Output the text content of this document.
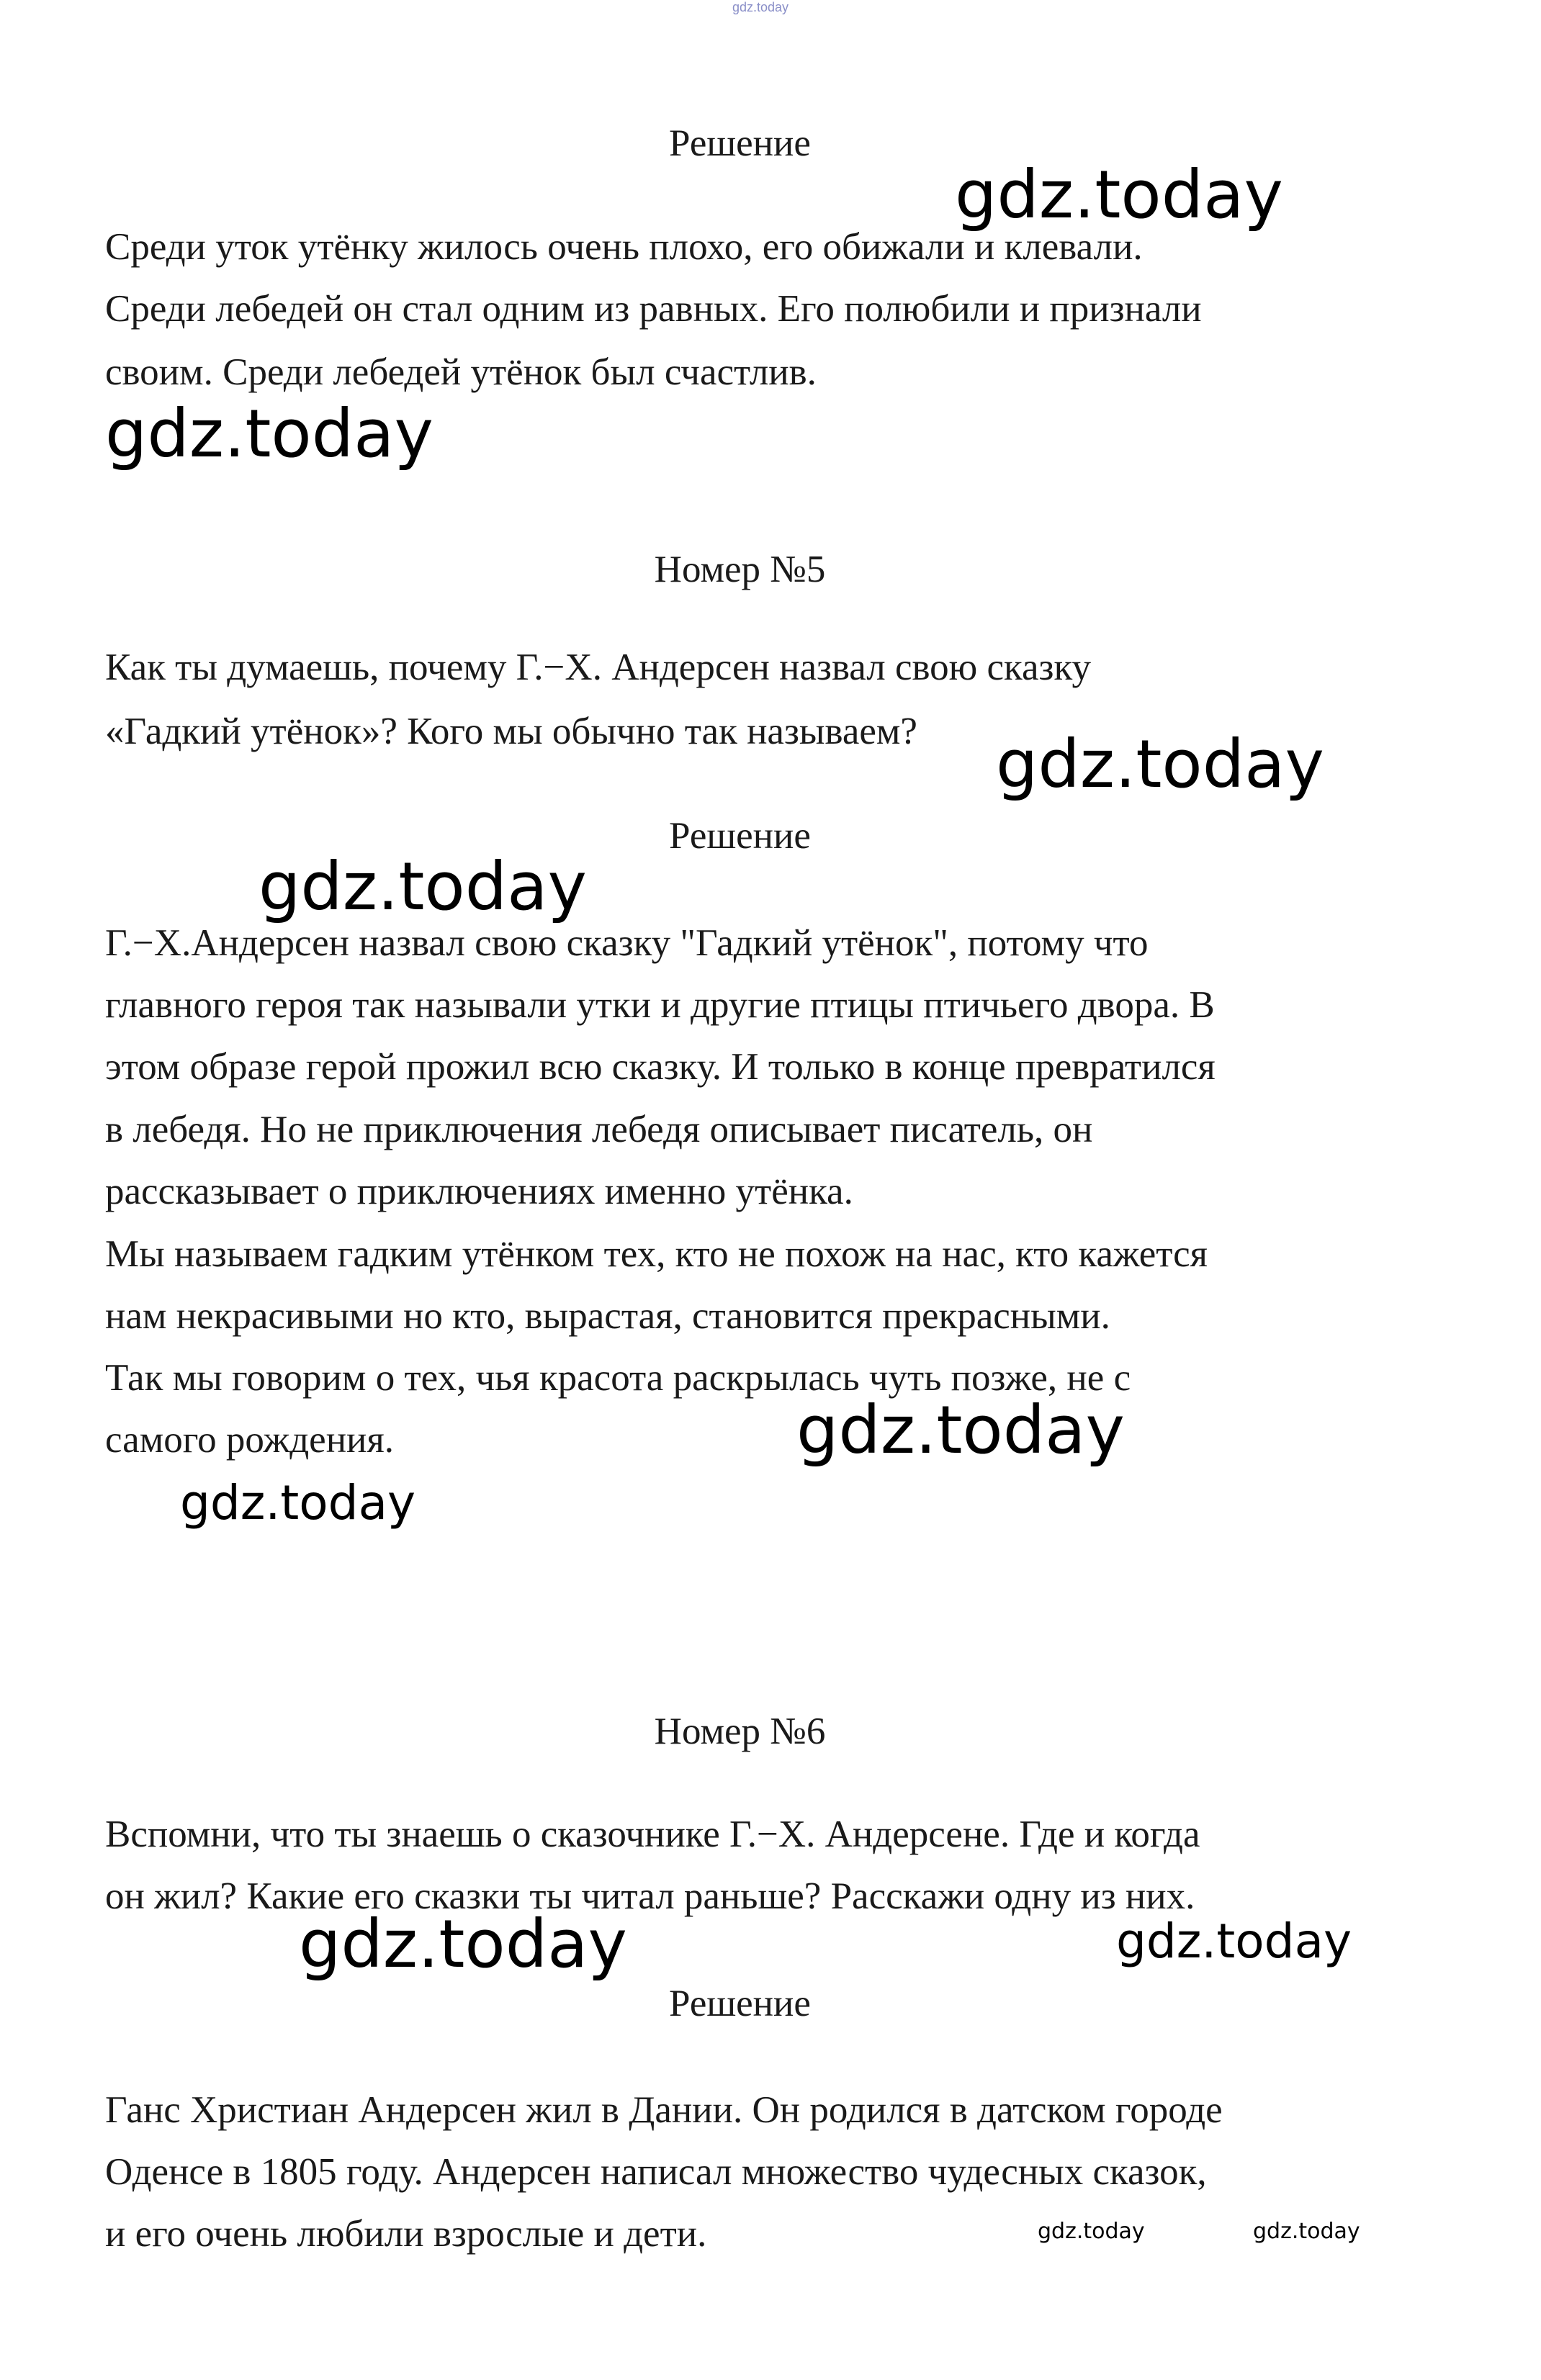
gdz.today
Решение
Среди уток утёнку жилось очень плохо, его обижали и клевали.
Среди лебедей он стал одним из равных. Его полюбили и признали
своим. Среди лебедей утёнок был счастлив.
Номер №5
Как ты думаешь, почему Г.−Х. Андерсен назвал свою сказку
«Гадкий утёнок»? Кого мы обычно так называем?
Решение
Г.−Х.Андерсен назвал свою сказку "Гадкий утёнок", потому что
главного героя так называли утки и другие птицы птичьего двора. В
этом образе герой прожил всю сказку. И только в конце превратился
в лебедя. Но не приключения лебедя описывает писатель, он
рассказывает о приключениях именно утёнка.
Мы называем гадким утёнком тех, кто не похож на нас, кто кажется
нам некрасивыми но кто, вырастая, становится прекрасными.
Так мы говорим о тех, чья красота раскрылась чуть позже, не с
самого рождения.
Номер №6
Вспомни, что ты знаешь о сказочнике Г.−Х. Андерсене. Где и когда
он жил? Какие его сказки ты читал раньше? Расскажи одну из них.
Решение
Ганс Христиан Андерсен жил в Дании. Он родился в датском городе
Оденсе в 1805 году. Андерсен написал множество чудесных сказок,
и его очень любили взрослые и дети.
gdz.today
gdz.today
gdz.today
gdz.today
gdz.today
gdz.today
gdz.today	gdz.today
gdz.today	gdz.today
